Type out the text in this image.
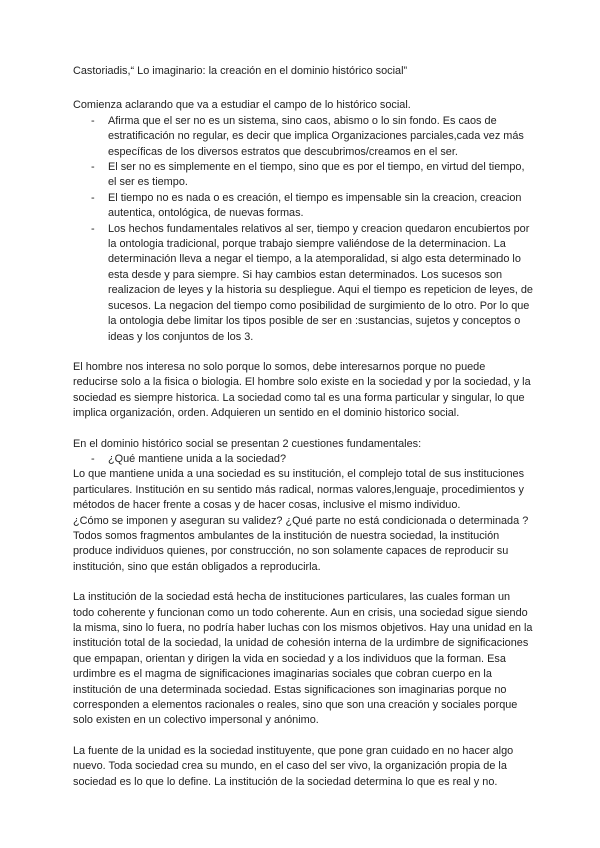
Castoriadis,“ Lo imaginario: la creación en el dominio histórico social”

Comienza aclarando que va a estudiar el campo de lo histórico social.

- Afirma que el ser no es un sistema, sino caos, abismo o lo sin fondo. Es caos de estratificación no regular, es decir que implica Organizaciones parciales,cada vez más específicas de los diversos estratos que descubrimos/creamos en el ser.
- El ser no es simplemente en el tiempo, sino que es por el tiempo, en virtud del tiempo, el ser es tiempo.
- El tiempo no es nada o es creación, el tiempo es impensable sin la creacion, creacion autentica, ontológica, de nuevas formas.
- Los hechos fundamentales relativos al ser, tiempo y creacion quedaron encubiertos por la ontologia tradicional, porque trabajo siempre valiéndose de la determinacion. La determinación lleva a negar el tiempo, a la atemporalidad, si algo esta determinado lo esta desde y para siempre. Si hay cambios estan determinados. Los sucesos son realizacion de leyes y la historia su despliegue. Aqui el tiempo es repeticion de leyes, de sucesos. La negacion del tiempo como posibilidad de surgimiento de lo otro. Por lo que la ontologia debe limitar los tipos posible de ser en :sustancias, sujetos y conceptos o ideas y los conjuntos de los 3.

El hombre nos interesa no solo porque lo somos, debe interesarnos porque no puede reducirse solo a la fisica o biologia. El hombre solo existe en la sociedad y por la sociedad, y la sociedad es siempre historica. La sociedad como tal es una forma particular y singular, lo que implica organización, orden. Adquieren un sentido en el dominio historico social.

En el dominio histórico social se presentan 2 cuestiones fundamentales:

- ¿Qué mantiene unida a la sociedad?

Lo que mantiene unida a una sociedad es su institución, el complejo total de sus instituciones particulares. Institución en su sentido más radical, normas valores,lenguaje, procedimientos y métodos de hacer frente a cosas y de hacer cosas, inclusive el mismo individuo.

¿Cómo se imponen y aseguran su validez? ¿Qué parte no está condicionada o determinada ? Todos somos fragmentos ambulantes de la institución de nuestra sociedad, la institución produce individuos quienes, por construcción, no son solamente capaces de reproducir su institución, sino que están obligados a reproducirla.

La institución de la sociedad está hecha de instituciones particulares, las cuales forman un todo coherente y funcionan como un todo coherente. Aun en crisis, una sociedad sigue siendo la misma, sino lo fuera, no podría haber luchas con los mismos objetivos. Hay una unidad en la institución total de la sociedad, la unidad de cohesión interna de la urdimbre de significaciones que empapan, orientan y dirigen la vida en sociedad y a los individuos que la forman. Esa urdimbre es el magma de significaciones imaginarias sociales que cobran cuerpo en la institución de una determinada sociedad. Estas significaciones son imaginarias porque no corresponden a elementos racionales o reales, sino que son una creación y sociales porque solo existen en un colectivo impersonal y anónimo.

La fuente de la unidad es la sociedad instituyente, que pone gran cuidado en no hacer algo nuevo. Toda sociedad crea su mundo, en el caso del ser vivo, la organización propia de la sociedad es lo que lo define. La institución de la sociedad determina lo que es real y no.
